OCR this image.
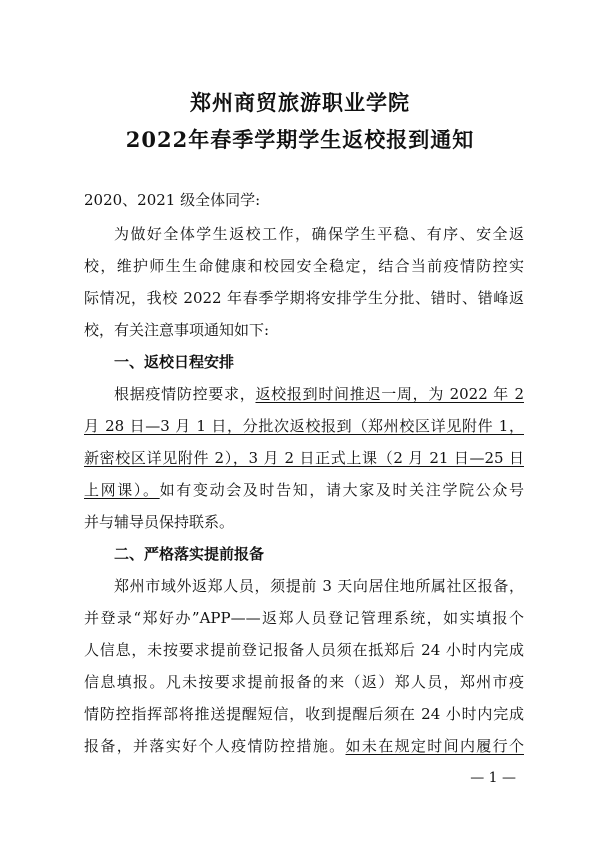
郑州商贸旅游职业学院
2022年春季学期学生返校报到通知
2020、2021 级全体同学:
为做好全体学生返校工作，确保学生平稳、有序、安全返
校，维护师生生命健康和校园安全稳定，结合当前疫情防控实
际情况，我校 2022 年春季学期将安排学生分批、错时、错峰返
校，有关注意事项通知如下:
一、返校日程安排
根据疫情防控要求，返校报到时间推迟一周，为 2022 年 2
月 28 日—3 月 1 日，分批次返校报到（郑州校区详见附件 1，
新密校区详见附件 2），3 月 2 日正式上课（2 月 21 日—25 日
上网课）。如有变动会及时告知，请大家及时关注学院公众号
并与辅导员保持联系。
二、严格落实提前报备
郑州市域外返郑人员，须提前 3 天向居住地所属社区报备，
并登录“郑好办”APP——返郑人员登记管理系统，如实填报个
人信息，未按要求提前登记报备人员须在抵郑后 24 小时内完成
信息填报。凡未按要求提前报备的来（返）郑人员，郑州市疫
情防控指挥部将推送提醒短信，收到提醒后须在 24 小时内完成
报备，并落实好个人疫情防控措施。如未在规定时间内履行个
— 1 —
